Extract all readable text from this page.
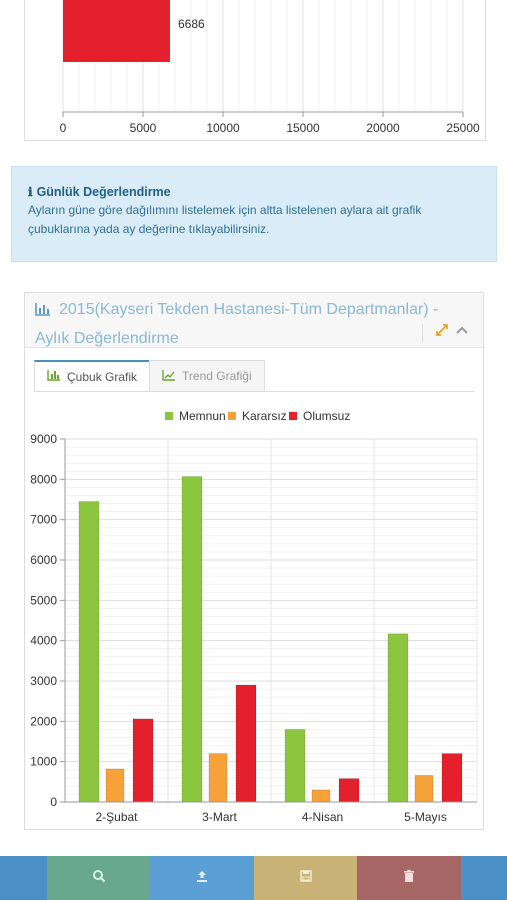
6686
0	5000	10000	15000	20000	25000
ℹ Günlük Değerlendirme
Ayların güne göre dağılımını listelemek için altta listelenen aylara ait grafik çubuklarına yada ay değerine tıklayabilirsiniz.
2015(Kayseri Tekden Hastanesi-Tüm Departmanlar) - Aylık Değerlendirme
Çubuk Grafik	Trend Grafiği
Memnun Kararsız Olumsuz
0
1000
2000
3000
4000
5000
6000
7000
8000
9000
2-Şubat	3-Mart	4-Nisan	5-Mayıs
